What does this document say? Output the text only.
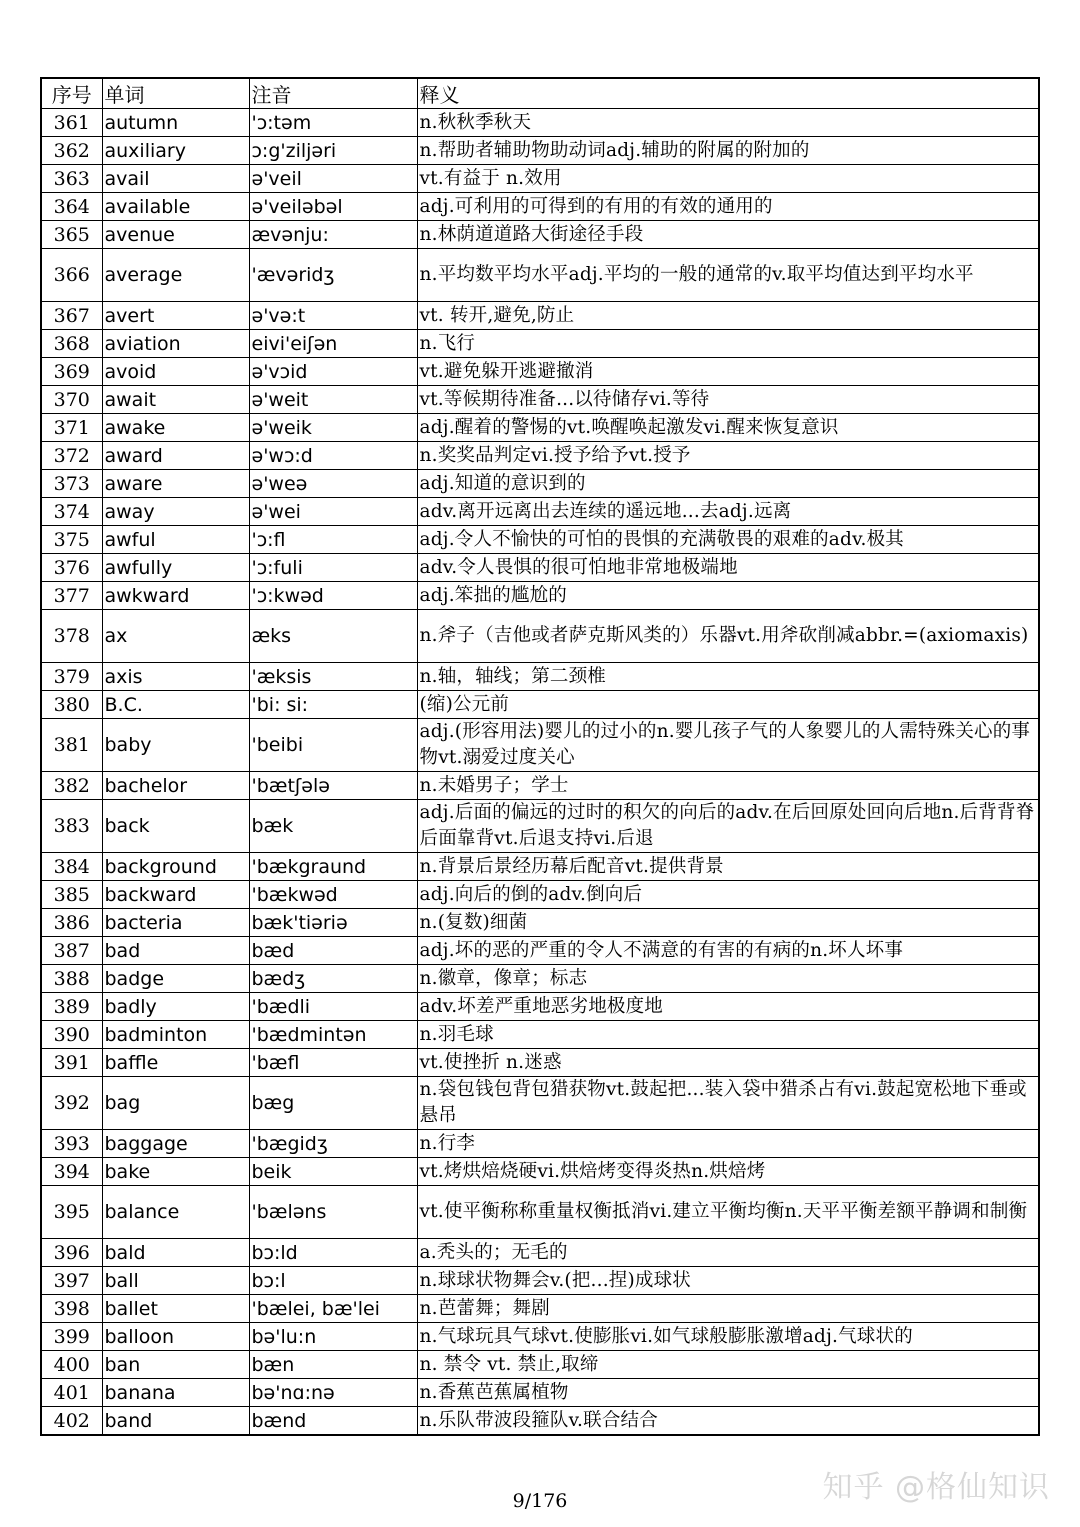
序号	单词	注音	释义
361	autumn	'ɔ:təm	n.秋秋季秋天
362	auxiliary	ɔ:g'ziljəri	n.帮助者辅助物助动词adj.辅助的附属的附加的
363	avail	ə'veil	vt.有益于 n.效用
364	available	ə'veiləbəl	adj.可利用的可得到的有用的有效的通用的
365	avenue	ævənju:	n.林荫道道路大街途径手段
366	average	'ævəridʒ	n.平均数平均水平adj.平均的一般的通常的v.取平均值达到平均水平
367	avert	ə'və:t	vt. 转开,避免,防止
368	aviation	eivi'eiʃən	n.飞行
369	avoid	ə'vɔid	vt.避免躲开逃避撤消
370	await	ə'weit	vt.等候期待准备...以待储存vi.等待
371	awake	ə'weik	adj.醒着的警惕的vt.唤醒唤起激发vi.醒来恢复意识
372	award	ə'wɔ:d	n.奖奖品判定vi.授予给予vt.授予
373	aware	ə'weə	adj.知道的意识到的
374	away	ə'wei	adv.离开远离出去连续的遥远地...去adj.远离
375	awful	'ɔ:fl	adj.令人不愉快的可怕的畏惧的充满敬畏的艰难的adv.极其
376	awfully	'ɔ:fuli	adv.令人畏惧的很可怕地非常地极端地
377	awkward	'ɔ:kwəd	adj.笨拙的尴尬的
378	ax	æks	n.斧子（吉他或者萨克斯风类的）乐器vt.用斧砍削减abbr.=(axiomaxis)
379	axis	'æksis	n.轴，轴线；第二颈椎
380	B.C.	'bi: si:	(缩)公元前
381	baby	'beibi	adj.(形容用法)婴儿的过小的n.婴儿孩子气的人象婴儿的人需特殊关心的事物vt.溺爱过度关心
382	bachelor	'bætʃələ	n.未婚男子；学士
383	back	bæk	adj.后面的偏远的过时的积欠的向后的adv.在后回原处回向后地n.后背背脊后面靠背vt.后退支持vi.后退
384	background	'bækgraund	n.背景后景经历幕后配音vt.提供背景
385	backward	'bækwəd	adj.向后的倒的adv.倒向后
386	bacteria	bæk'tiəriə	n.(复数)细菌
387	bad	bæd	adj.坏的恶的严重的令人不满意的有害的有病的n.坏人坏事
388	badge	bædʒ	n.徽章，像章；标志
389	badly	'bædli	adv.坏差严重地恶劣地极度地
390	badminton	'bædmintən	n.羽毛球
391	baffle	'bæfl	vt.使挫折 n.迷惑
392	bag	bæg	n.袋包钱包背包猎获物vt.鼓起把...装入袋中猎杀占有vi.鼓起宽松地下垂或悬吊
393	baggage	'bægidʒ	n.行李
394	bake	beik	vt.烤烘焙烧硬vi.烘焙烤变得炎热n.烘焙烤
395	balance	'bæləns	vt.使平衡称称重量权衡抵消vi.建立平衡均衡n.天平平衡差额平静调和制衡
396	bald	bɔ:ld	a.秃头的；无毛的
397	ball	bɔ:l	n.球球状物舞会v.(把...捏)成球状
398	ballet	'bælei, bæ'lei	n.芭蕾舞；舞剧
399	balloon	bə'lu:n	n.气球玩具气球vt.使膨胀vi.如气球般膨胀激增adj.气球状的
400	ban	bæn	n. 禁令 vt. 禁止,取缔
401	banana	bə'nɑ:nə	n.香蕉芭蕉属植物
402	band	bænd	n.乐队带波段箍队v.联合结合
9/176	知乎 @格仙知识
